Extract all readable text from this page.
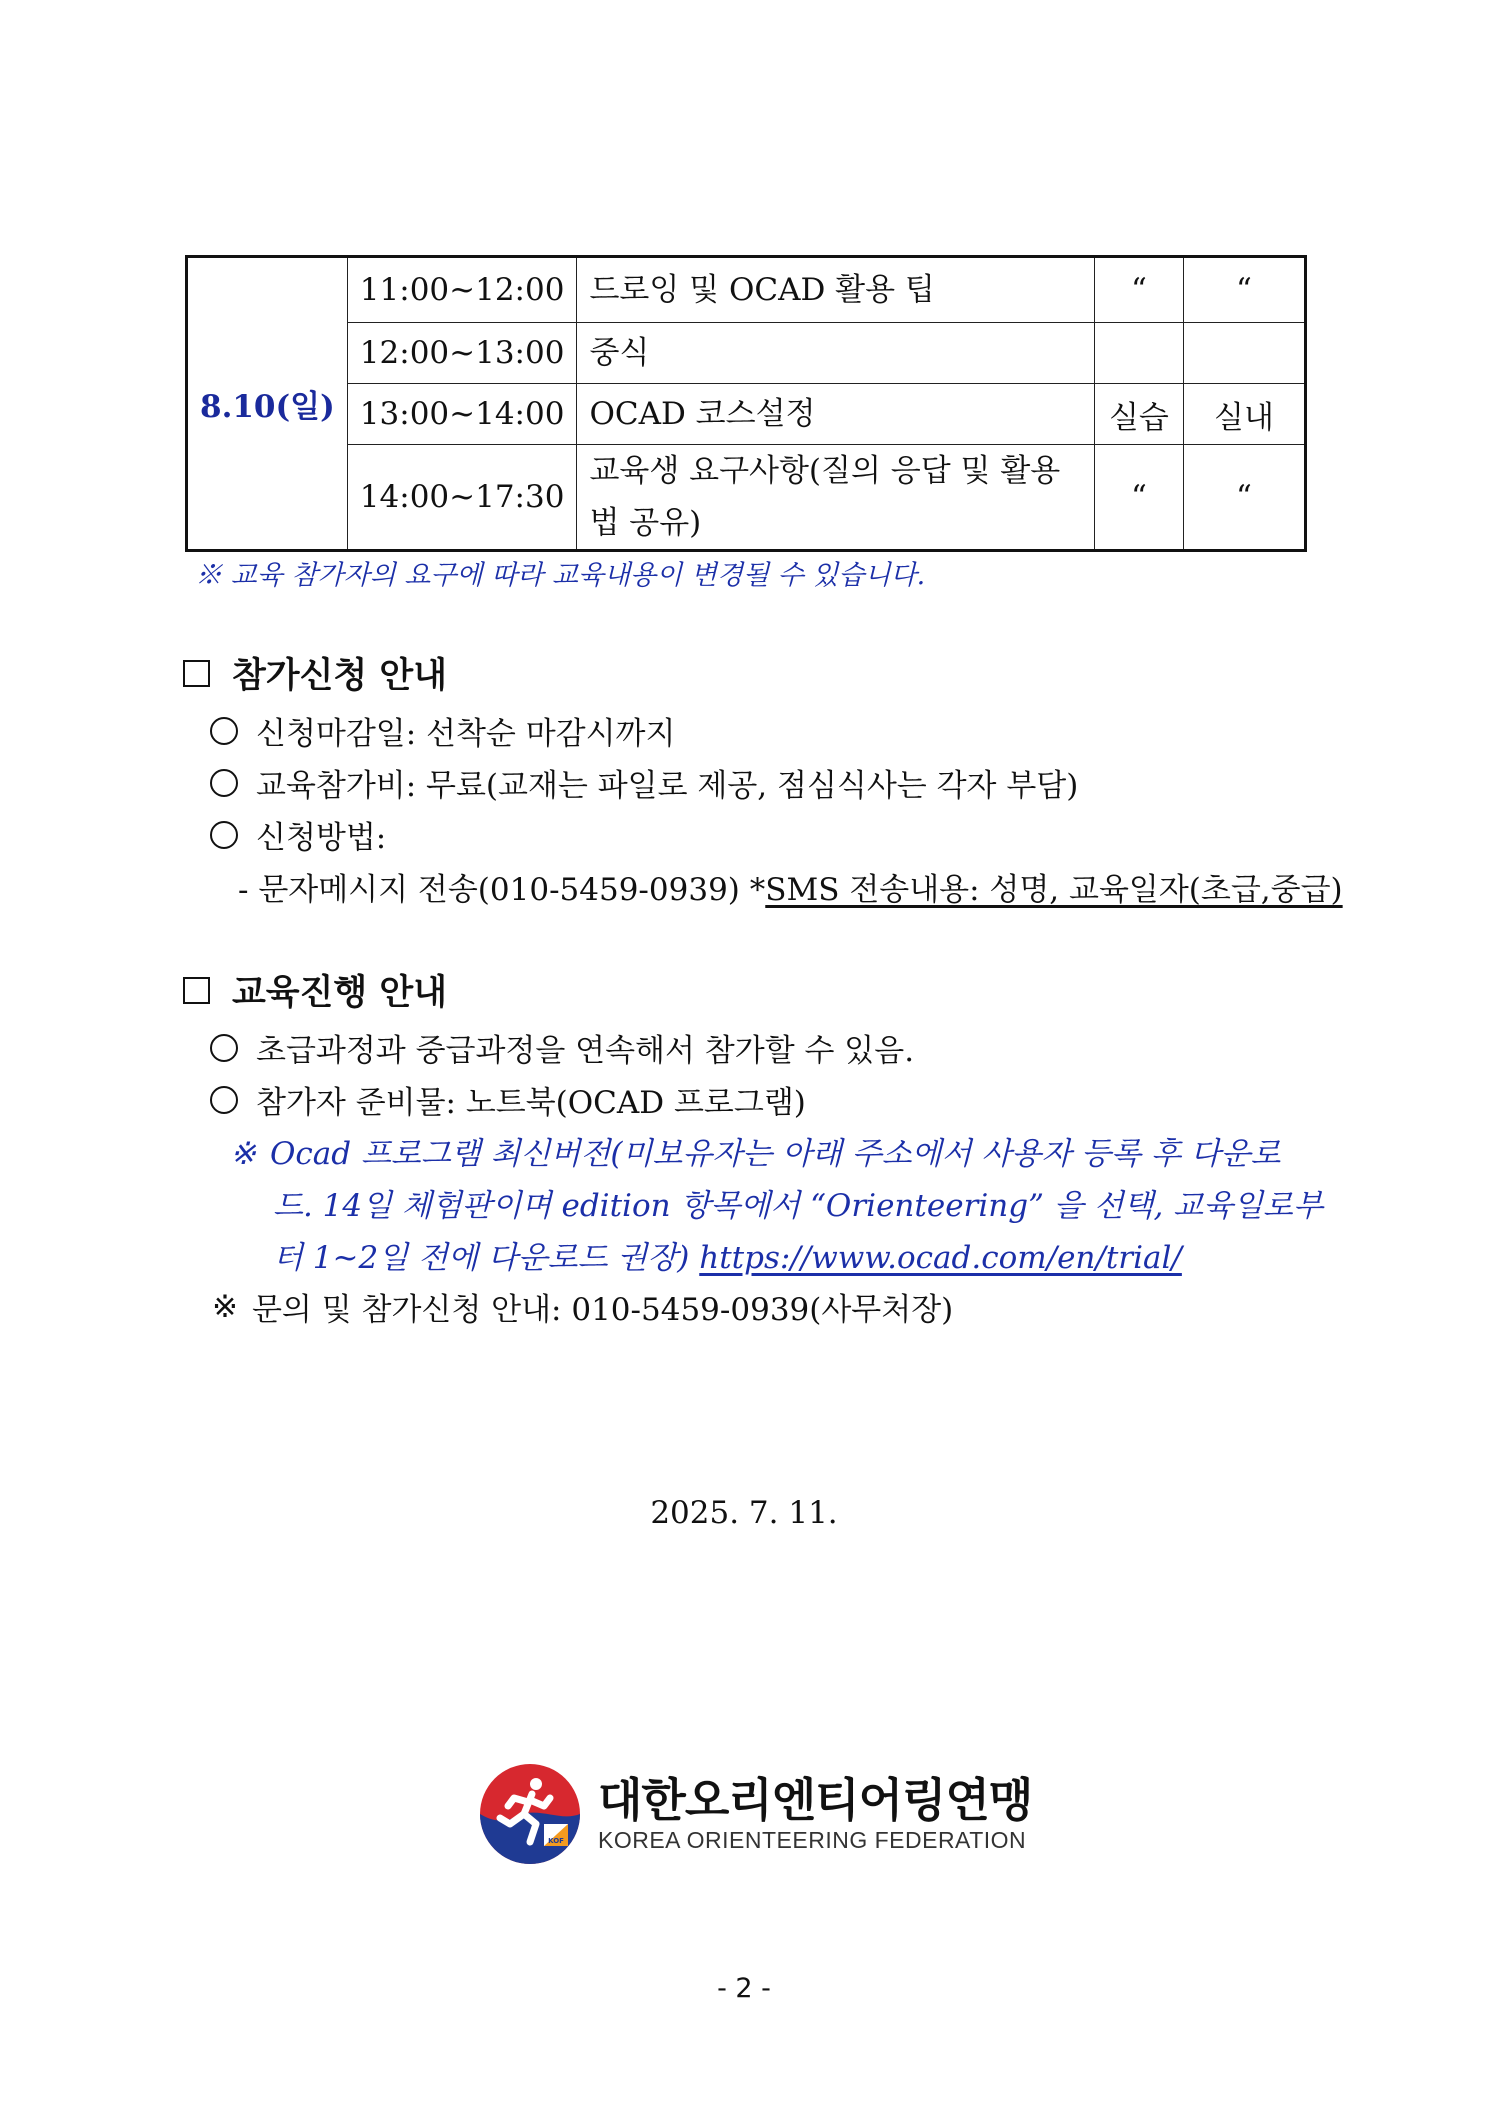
8.10(일)	11:00~12:00	드로잉 및 OCAD 활용 팁	“	“
	12:00~13:00	중식		
	13:00~14:00	OCAD 코스설정	실습	실내
	14:00~17:30	교육생 요구사항(질의 응답 및 활용
법 공유)	“	“
※ 교육 참가자의 요구에 따라 교육내용이 변경될 수 있습니다.
참가신청 안내
신청마감일: 선착순 마감시까지
교육참가비: 무료(교재는 파일로 제공, 점심식사는 각자 부담)
신청방법:
- 문자메시지 전송(010-5459-0939) * SMS 전송내용: 성명, 교육일자(초급,중급)
교육진행 안내
초급과정과 중급과정을 연속해서 참가할 수 있음.
참가자 준비물: 노트북(OCAD 프로그램)
※ Ocad 프로그램 최신버전(미보유자는 아래 주소에서 사용자 등록 후 다운로
드. 14일 체험판이며 edition 항목에서 “Orienteering” 을 선택, 교육일로부
터 1~2일 전에 다운로드 권장) https://www.ocad.com/en/trial/
※ 문의 및 참가신청 안내: 010-5459-0939(사무처장)
2025. 7. 11.
KOF
대한오리엔티어링연맹
KOREA ORIENTEERING FEDERATION
- 2 -
